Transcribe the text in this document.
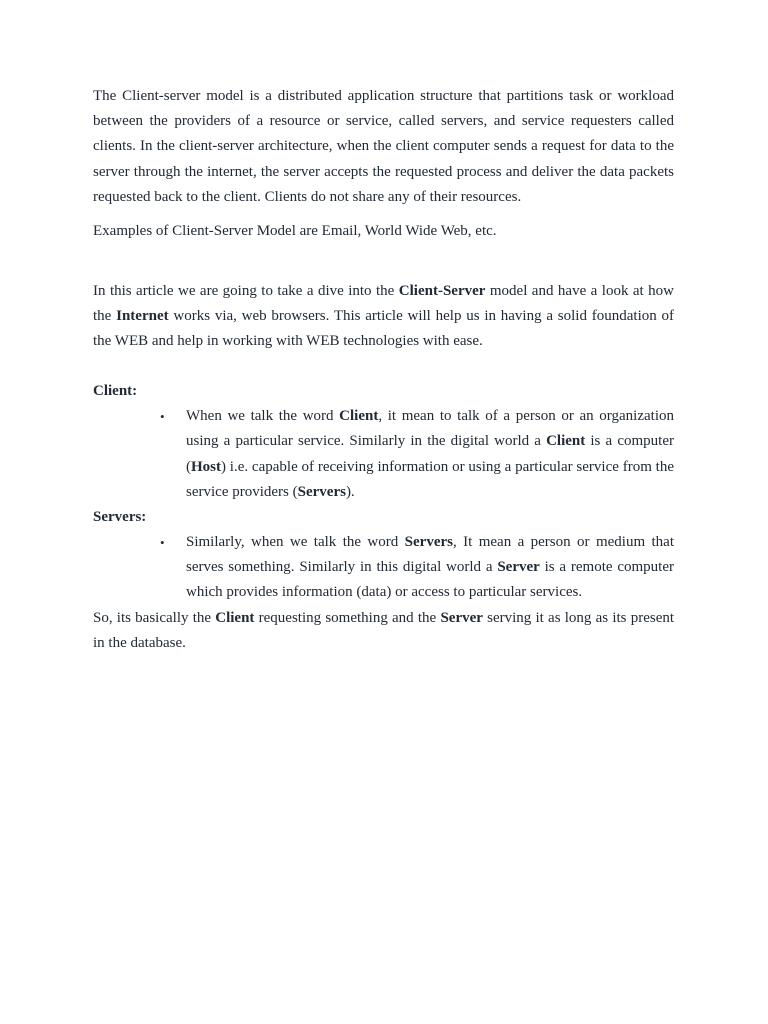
The Client-server model is a distributed application structure that partitions task or workload between the providers of a resource or service, called servers, and service requesters called clients. In the client-server architecture, when the client computer sends a request for data to the server through the internet, the server accepts the requested process and deliver the data packets requested back to the client. Clients do not share any of their resources.

Examples of Client-Server Model are Email, World Wide Web, etc.

In this article we are going to take a dive into the Client-Server model and have a look at how the Internet works via, web browsers. This article will help us in having a solid foundation of the WEB and help in working with WEB technologies with ease.

Client:
• When we talk the word Client, it mean to talk of a person or an organization using a particular service. Similarly in the digital world a Client is a computer (Host) i.e. capable of receiving information or using a particular service from the service providers (Servers).
Servers:
• Similarly, when we talk the word Servers, It mean a person or medium that serves something. Similarly in this digital world a Server is a remote computer which provides information (data) or access to particular services.

So, its basically the Client requesting something and the Server serving it as long as its present in the database.
